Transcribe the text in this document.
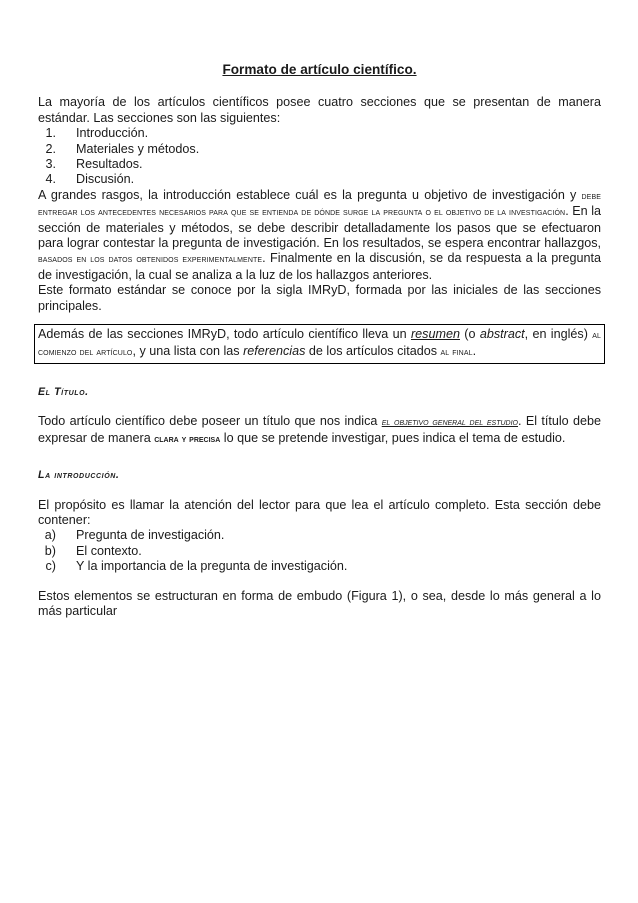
Formato de artículo científico.

La mayoría de los artículos científicos posee cuatro secciones que se presentan de manera estándar. Las secciones son las siguientes:

1. Introducción.
2. Materiales y métodos.
3. Resultados.
4. Discusión.

A grandes rasgos, la introducción establece cuál es la pregunta u objetivo de investigación y debe entregar los antecedentes necesarios para que se entienda de dónde surge la pregunta o el objetivo de la investigación. En la sección de materiales y métodos, se debe describir detalladamente los pasos que se efectuaron para lograr contestar la pregunta de investigación. En los resultados, se espera encontrar hallazgos, basados en los datos obtenidos experimentalmente. Finalmente en la discusión, se da respuesta a la pregunta de investigación, la cual se analiza a la luz de los hallazgos anteriores.

Este formato estándar se conoce por la sigla IMRyD, formada por las iniciales de las secciones principales.

Además de las secciones IMRyD, todo artículo científico lleva un resumen (o abstract, en inglés) al comienzo del artículo, y una lista con las referencias de los artículos citados al final.

El Título.

Todo artículo científico debe poseer un título que nos indica el objetivo general del estudio. El título debe expresar de manera clara y precisa lo que se pretende investigar, pues indica el tema de estudio.

La introducción.

El propósito es llamar la atención del lector para que lea el artículo completo. Esta sección debe contener:

a) Pregunta de investigación.
b) El contexto.
c) Y la importancia de la pregunta de investigación.

Estos elementos se estructuran en forma de embudo (Figura 1), o sea, desde lo más general a lo más particular
